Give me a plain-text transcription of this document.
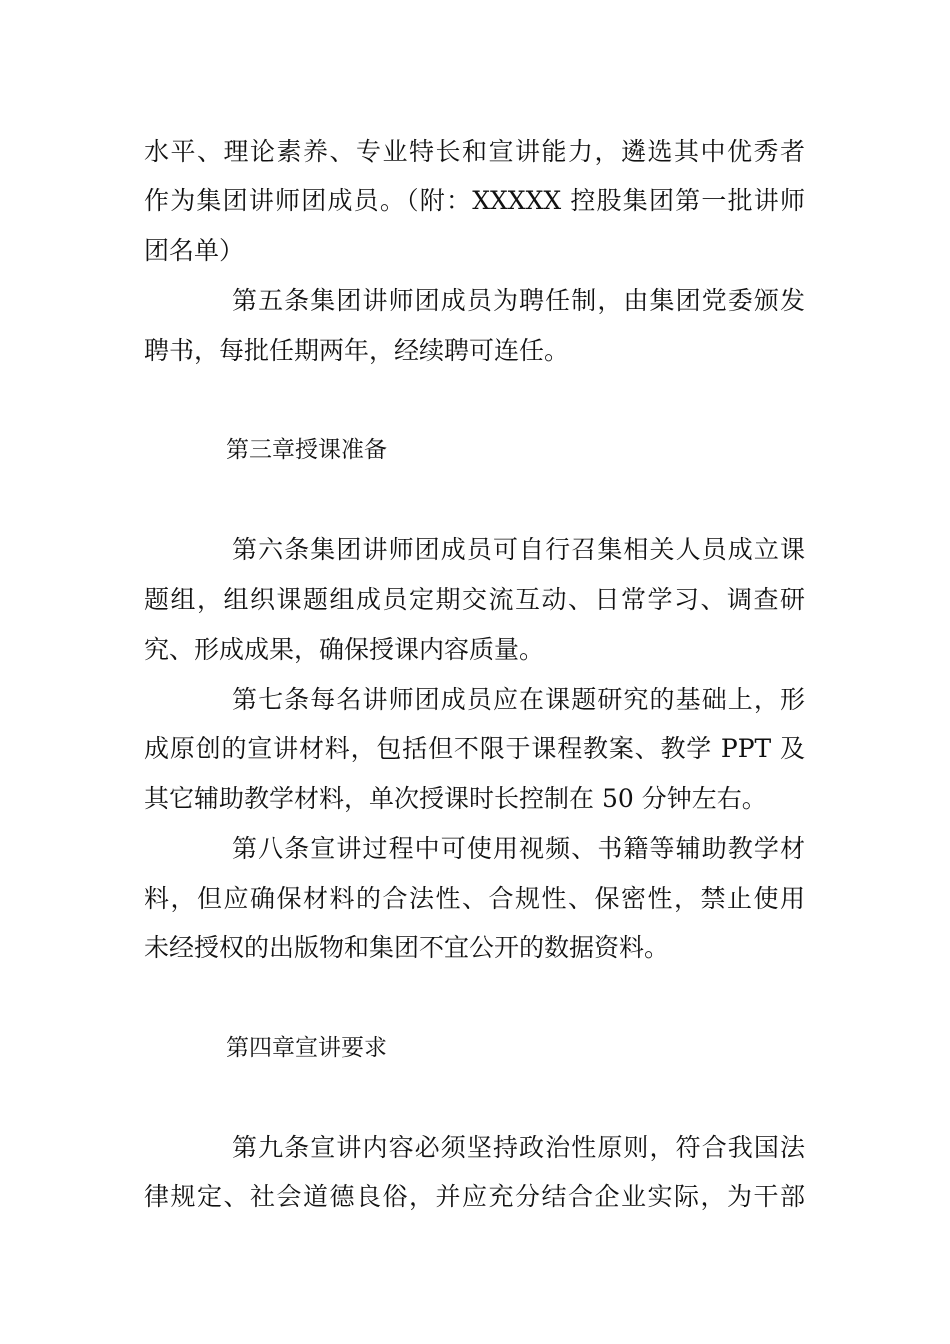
水平、理论素养、专业特长和宣讲能力，遴选其中优秀者
作为集团讲师团成员。（附：XXXXX 控股集团第一批讲师
团名单）
第五条集团讲师团成员为聘任制，由集团党委颁发
聘书，每批任期两年，经续聘可连任。
第三章授课准备
第六条集团讲师团成员可自行召集相关人员成立课
题组，组织课题组成员定期交流互动、日常学习、调查研
究、形成成果，确保授课内容质量。
第七条每名讲师团成员应在课题研究的基础上，形
成原创的宣讲材料，包括但不限于课程教案、教学 PPT 及
其它辅助教学材料，单次授课时长控制在 50 分钟左右。
第八条宣讲过程中可使用视频、书籍等辅助教学材
料，但应确保材料的合法性、合规性、保密性，禁止使用
未经授权的出版物和集团不宜公开的数据资料。
第四章宣讲要求
第九条宣讲内容必须坚持政治性原则，符合我国法
律规定、社会道德良俗，并应充分结合企业实际，为干部
